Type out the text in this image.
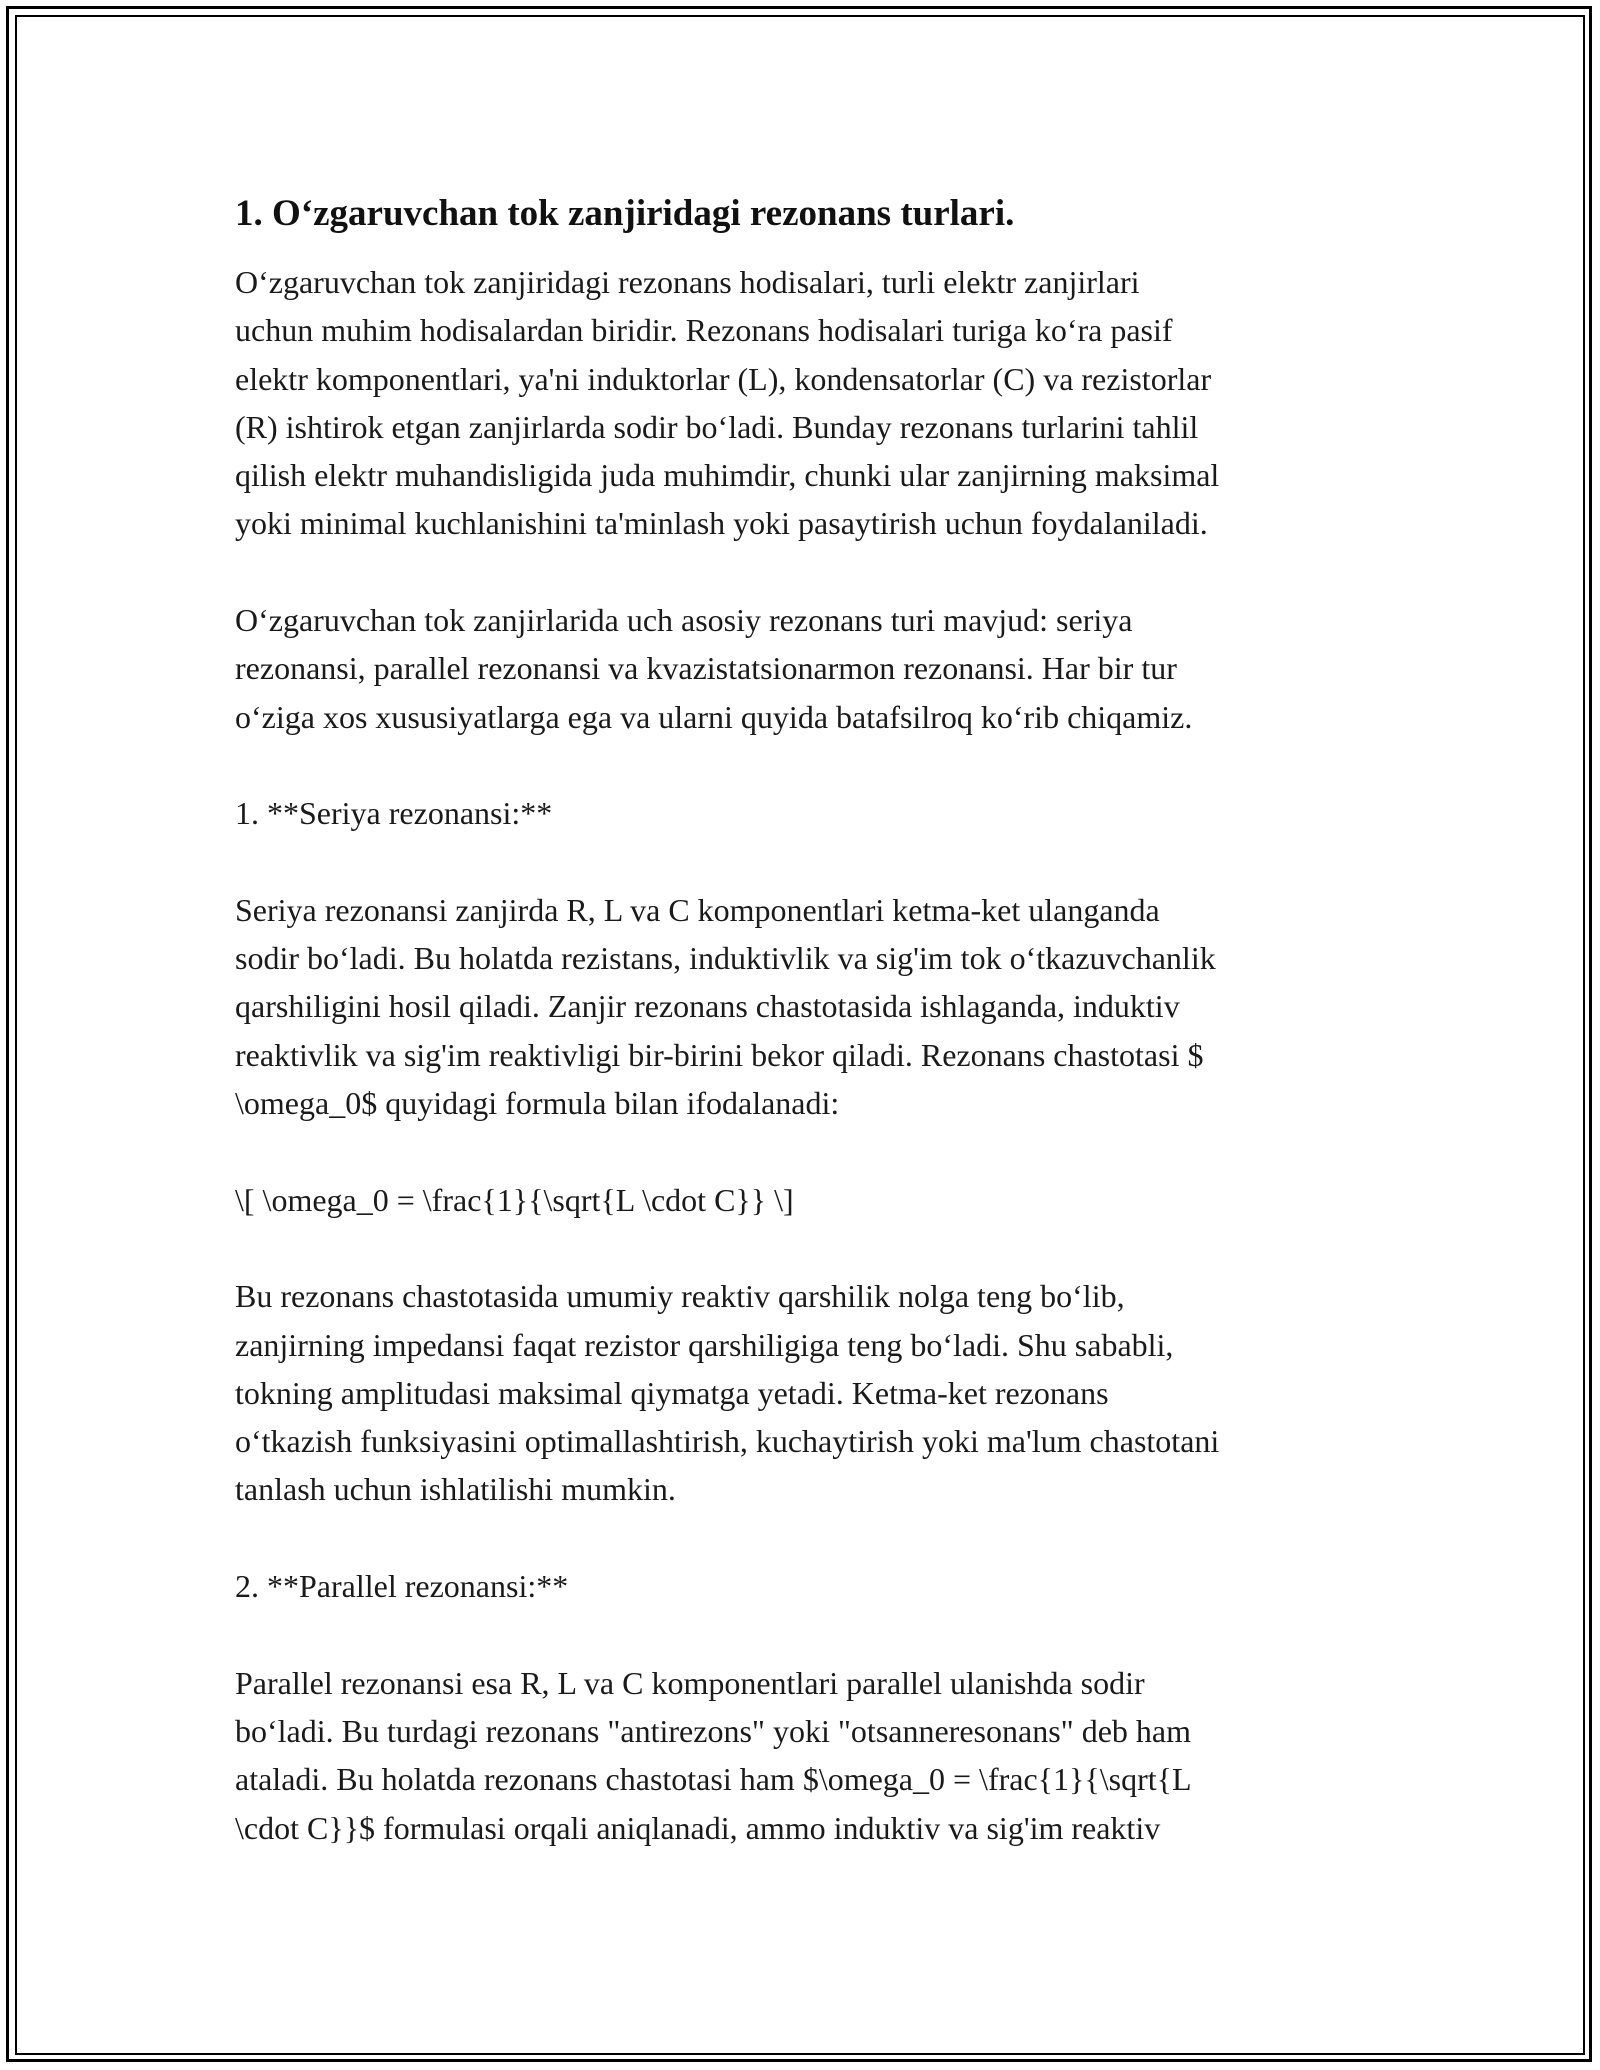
1. O‘zgaruvchan tok zanjiridagi rezonans turlari.

O‘zgaruvchan tok zanjiridagi rezonans hodisalari, turli elektr zanjirlari
uchun muhim hodisalardan biridir. Rezonans hodisalari turiga ko‘ra pasif
elektr komponentlari, ya'ni induktorlar (L), kondensatorlar (C) va rezistorlar
(R) ishtirok etgan zanjirlarda sodir bo‘ladi. Bunday rezonans turlarini tahlil
qilish elektr muhandisligida juda muhimdir, chunki ular zanjirning maksimal
yoki minimal kuchlanishini ta'minlash yoki pasaytirish uchun foydalaniladi.

O‘zgaruvchan tok zanjirlarida uch asosiy rezonans turi mavjud: seriya
rezonansi, parallel rezonansi va kvazistatsionarmon rezonansi. Har bir tur
o‘ziga xos xususiyatlarga ega va ularni quyida batafsilroq ko‘rib chiqamiz.

1. **Seriya rezonansi:**

Seriya rezonansi zanjirda R, L va C komponentlari ketma-ket ulanganda
sodir bo‘ladi. Bu holatda rezistans, induktivlik va sig'im tok o‘tkazuvchanlik
qarshiligini hosil qiladi. Zanjir rezonans chastotasida ishlaganda, induktiv
reaktivlik va sig'im reaktivligi bir-birini bekor qiladi. Rezonans chastotasi $
\omega_0$ quyidagi formula bilan ifodalanadi:

\[ \omega_0 = \frac{1}{\sqrt{L \cdot C}} \]

Bu rezonans chastotasida umumiy reaktiv qarshilik nolga teng bo‘lib,
zanjirning impedansi faqat rezistor qarshiligiga teng bo‘ladi. Shu sababli,
tokning amplitudasi maksimal qiymatga yetadi. Ketma-ket rezonans
o‘tkazish funksiyasini optimallashtirish, kuchaytirish yoki ma'lum chastotani
tanlash uchun ishlatilishi mumkin.

2. **Parallel rezonansi:**

Parallel rezonansi esa R, L va C komponentlari parallel ulanishda sodir
bo‘ladi. Bu turdagi rezonans "antirezons" yoki "otsanneresonans" deb ham
ataladi. Bu holatda rezonans chastotasi ham $\omega_0 = \frac{1}{\sqrt{L
\cdot C}}$ formulasi orqali aniqlanadi, ammo induktiv va sig'im reaktiv
